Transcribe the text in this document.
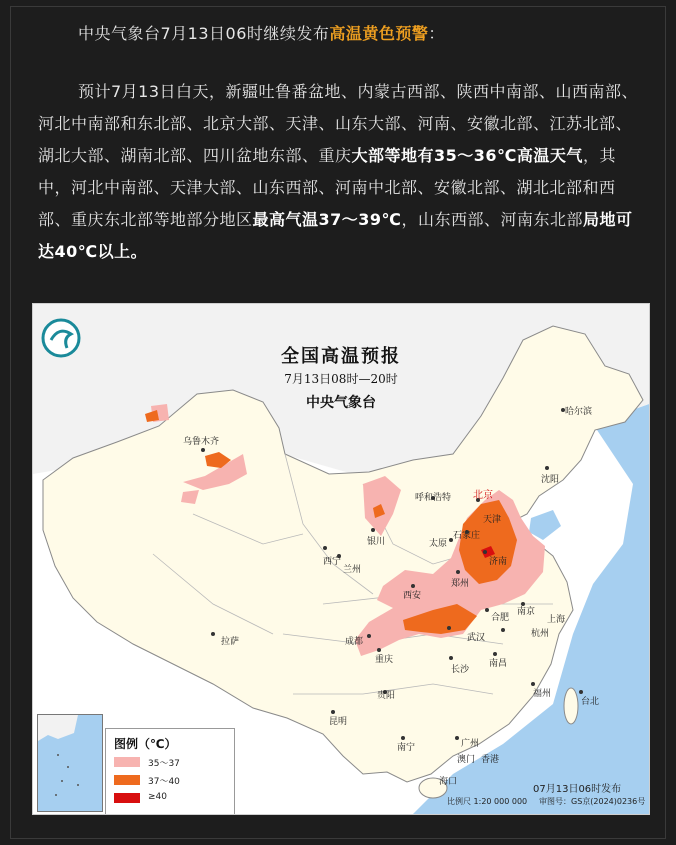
中央气象台7月13日06时继续发布高温黄色预警：
预计7月13日白天，新疆吐鲁番盆地、内蒙古西部、陕西中南部、山西南部、河北中南部和东北部、北京大部、天津、山东大部、河南、安徽北部、江苏北部、湖北大部、湖南北部、四川盆地东部、重庆大部等地有35～36℃高温天气，其中，河北中南部、天津大部、山东西部、河南中北部、安徽北部、湖北北部和西部、重庆东北部等地部分地区最高气温37～39℃，山东西部、河南东北部局地可达40℃以上。
全国高温预报
7月13日08时—20时
中央气象台
哈尔滨
乌鲁木齐
沈阳
呼和浩特 北京
天津
石家庄
银川	太原
济南
西宁
兰州
郑州
西安
合肥
南京
上海
拉萨	成都	武汉	杭州
重庆
长沙
南昌
福州
台北
贵阳
昆明
南宁	广州
澳门 香港
海口
图例（℃）
35～37
37～40
≥40
07月13日06时发布
比例尺 1:20 000 000 审图号：GS京(2024)0236号
